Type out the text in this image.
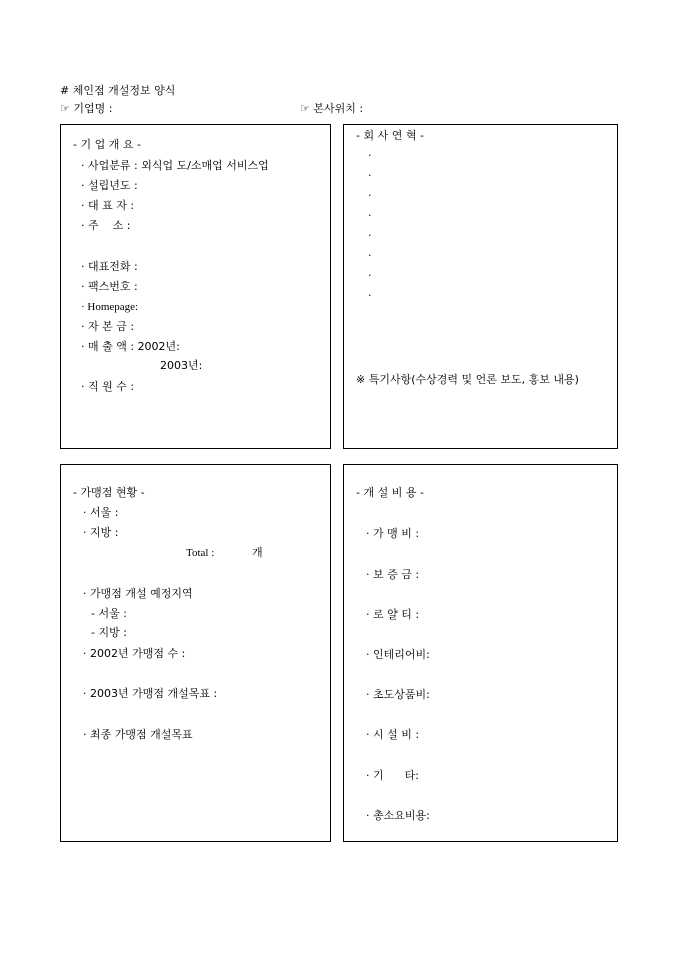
# 체인점 개설정보 양식
☞ 기업명 :	☞ 본사위치 :
- 기 업 개 요 -
· 사업분류 : 외식업 도/소매업 서비스업
· 설립년도 :
· 대 표 자 :
· 주    소 :
· 대표전화 :
· 팩스번호 :
· Homepage:
· 자 본 금 :
· 매 출 액 : 2002년:
2003년:
· 직 원 수 :
- 회 사 연 혁 -
·
·
·
·
·
·
·
·
※ 특기사항(수상경력 및 언론 보도, 홍보 내용)
- 가맹점 현황 -
· 서울 :
· 지방 :
Total :	개
· 가맹점 개설 예정지역
- 서울 :
- 지방 :
· 2002년 가맹점 수 :
· 2003년 가맹점 개설목표 :
· 최종 가맹점 개설목표
- 개 설 비 용 -
· 가 맹 비 :
· 보 증 금 :
· 로 얄 티 :
· 인테리어비:
· 초도상품비:
· 시 설 비 :
· 기      타:
· 총소요비용:
